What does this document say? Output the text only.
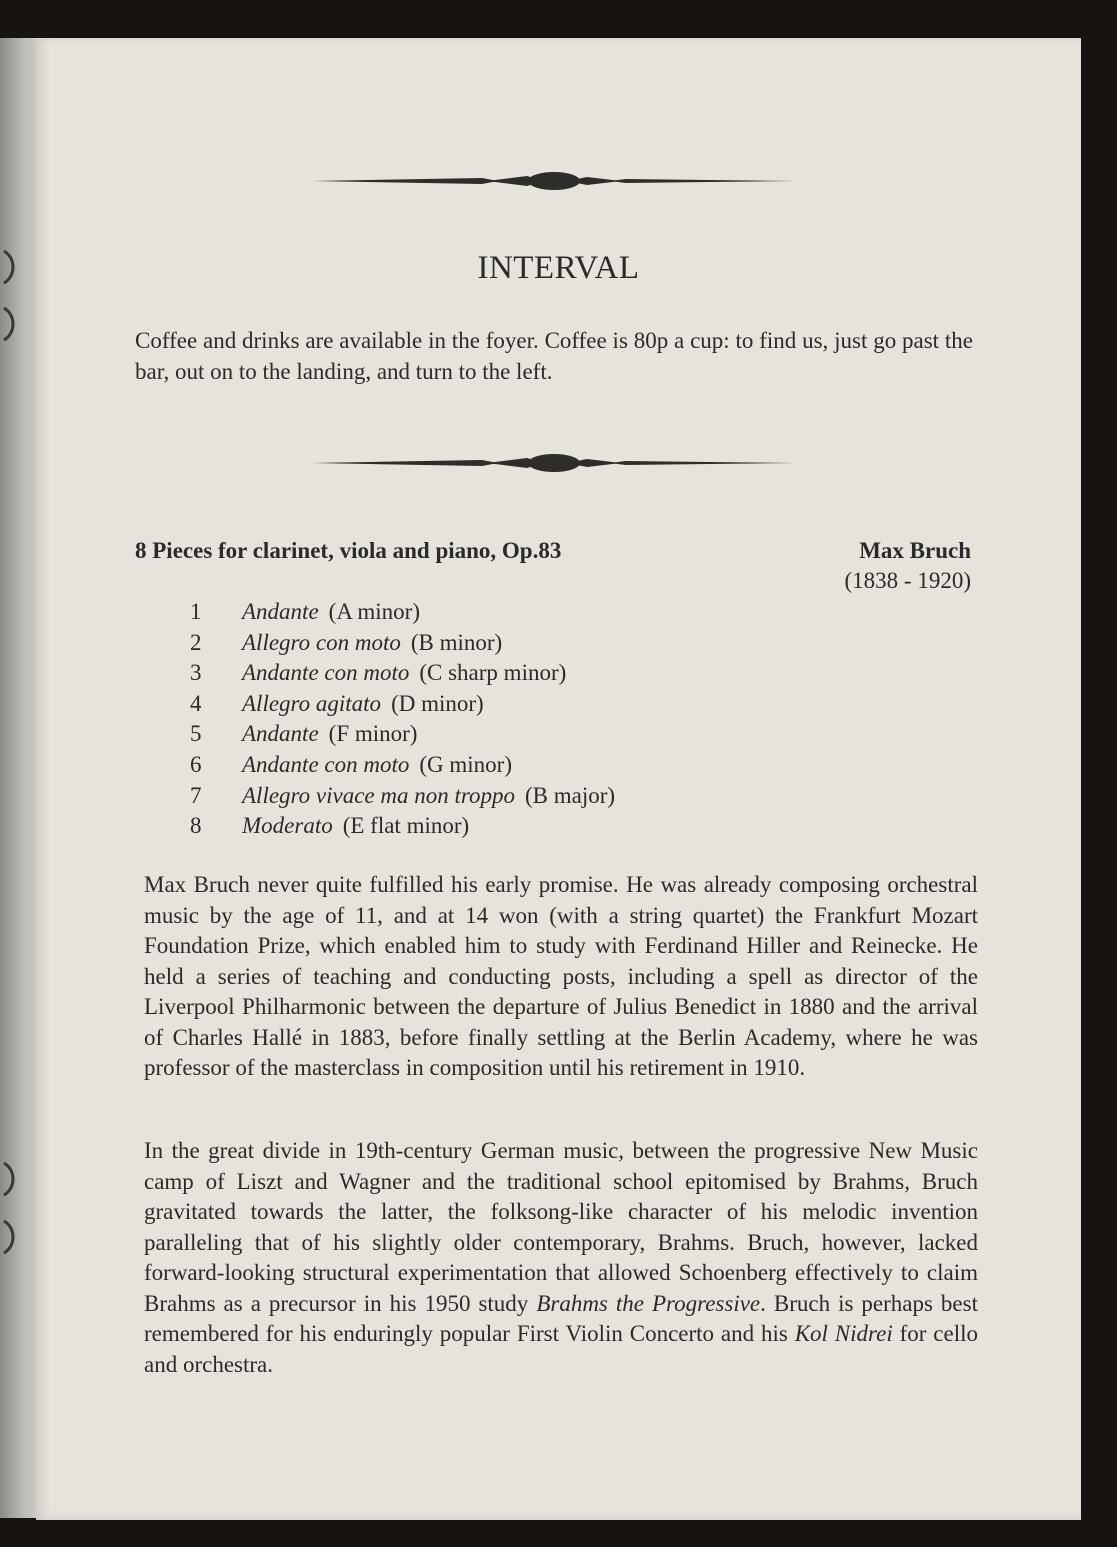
INTERVAL

Coffee and drinks are available in the foyer. Coffee is 80p a cup: to find us, just go past the bar, out on to the landing, and turn to the left.

8 Pieces for clarinet, viola and piano, Op.83	Max Bruch
(1838 - 1920)
1 Andante (A minor)
2 Allegro con moto (B minor)
3 Andante con moto (C sharp minor)
4 Allegro agitato (D minor)
5 Andante (F minor)
6 Andante con moto (G minor)
7 Allegro vivace ma non troppo (B major)
8 Moderato (E flat minor)

Max Bruch never quite fulfilled his early promise. He was already composing orchestral music by the age of 11, and at 14 won (with a string quartet) the Frankfurt Mozart Foundation Prize, which enabled him to study with Ferdinand Hiller and Reinecke. He held a series of teaching and conducting posts, including a spell as director of the Liverpool Philharmonic between the departure of Julius Benedict in 1880 and the arrival of Charles Hallé in 1883, before finally settling at the Berlin Academy, where he was professor of the masterclass in composition until his retirement in 1910.

In the great divide in 19th-century German music, between the progressive New Music camp of Liszt and Wagner and the traditional school epitomised by Brahms, Bruch gravitated towards the latter, the folksong-like character of his melodic invention paralleling that of his slightly older contemporary, Brahms. Bruch, however, lacked forward-looking structural experimentation that allowed Schoenberg effectively to claim Brahms as a precursor in his 1950 study Brahms the Progressive. Bruch is perhaps best remembered for his enduringly popular First Violin Concerto and his Kol Nidrei for cello and orchestra.
